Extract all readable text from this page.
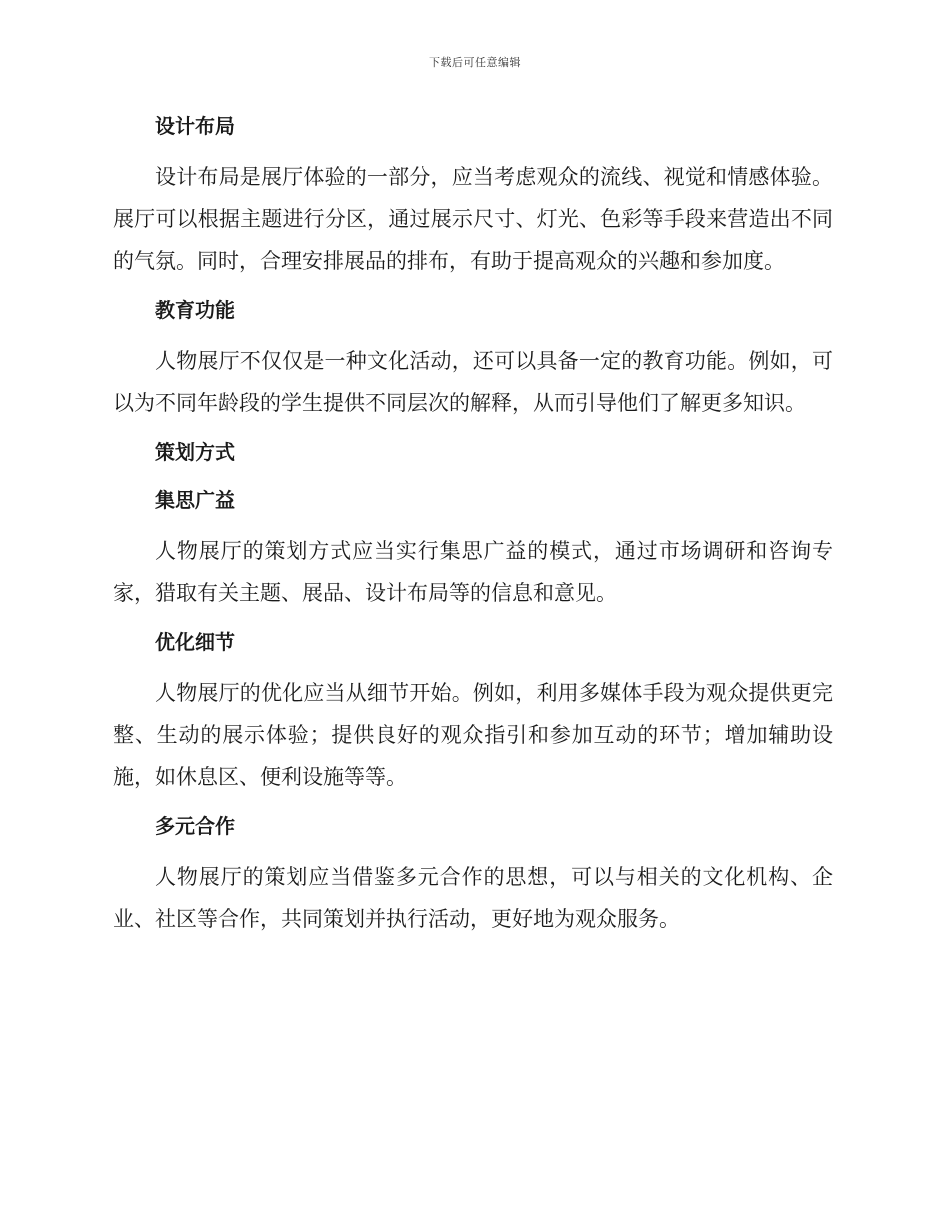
下载后可任意编辑
设计布局

设计布局是展厅体验的一部分，应当考虑观众的流线、视觉和情感体验。展厅可以根据主题进行分区，通过展示尺寸、灯光、色彩等手段来营造出不同的气氛。同时，合理安排展品的排布，有助于提高观众的兴趣和参加度。

教育功能

人物展厅不仅仅是一种文化活动，还可以具备一定的教育功能。例如，可以为不同年龄段的学生提供不同层次的解释，从而引导他们了解更多知识。

策划方式
集思广益

人物展厅的策划方式应当实行集思广益的模式，通过市场调研和咨询专家，猎取有关主题、展品、设计布局等的信息和意见。

优化细节

人物展厅的优化应当从细节开始。例如，利用多媒体手段为观众提供更完整、生动的展示体验；提供良好的观众指引和参加互动的环节；增加辅助设施，如休息区、便利设施等等。

多元合作

人物展厅的策划应当借鉴多元合作的思想，可以与相关的文化机构、企业、社区等合作，共同策划并执行活动，更好地为观众服务。
